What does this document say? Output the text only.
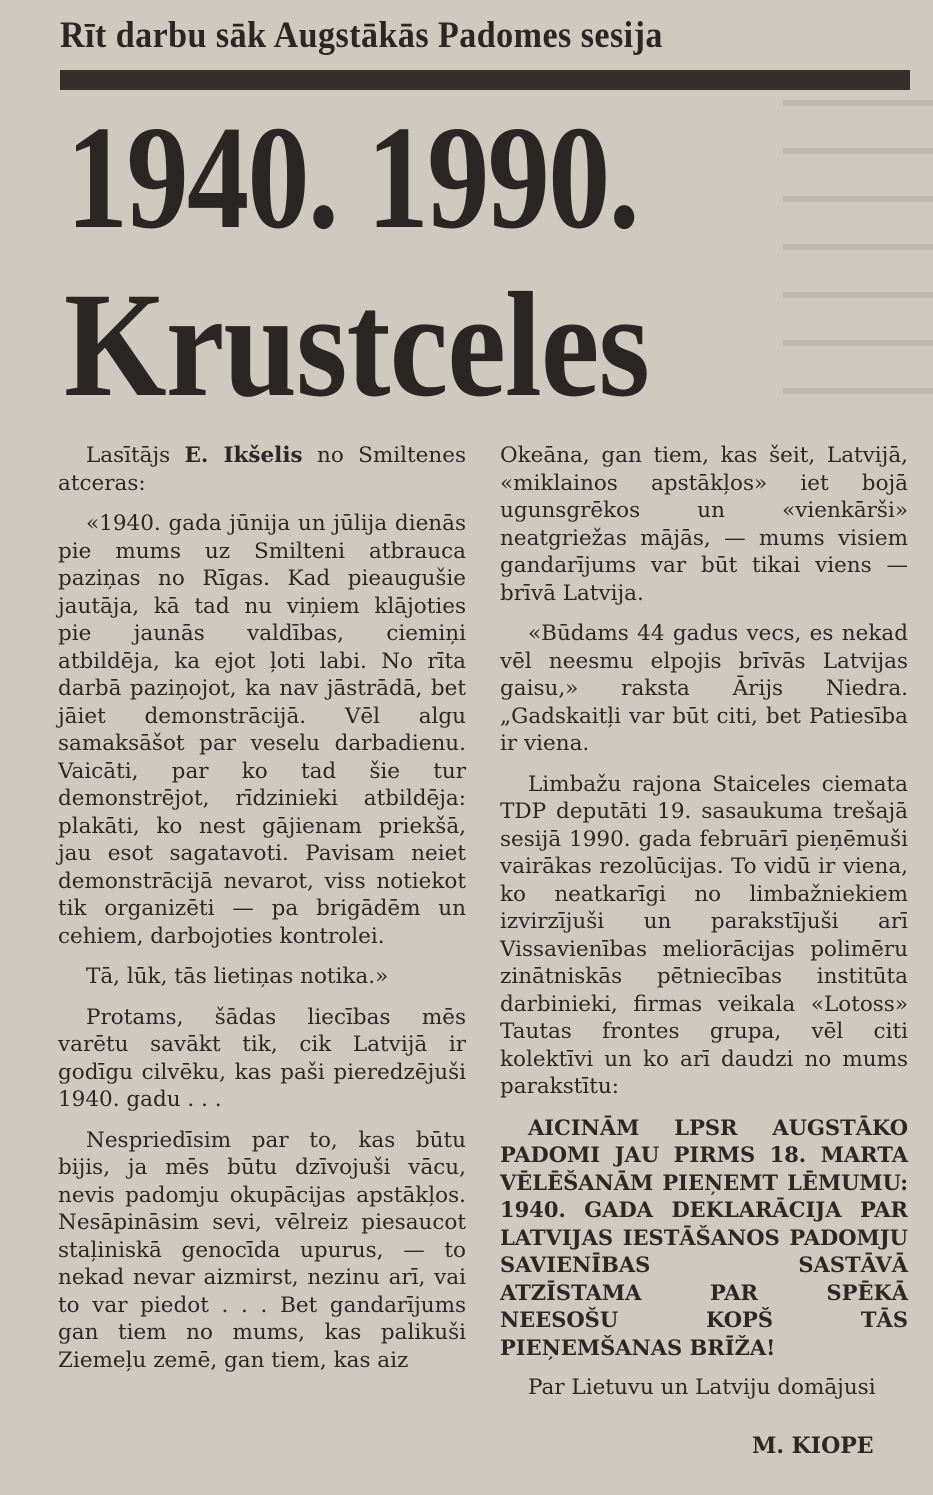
Rīt darbu sāk Augstākās Padomes sesija
1940. 1990.
Krustceles

Lasītājs E. Ikšelis no Smiltenes atceras:

«1940. gada jūnija un jūlija dienās pie mums uz Smilteni atbrauca paziņas no Rīgas. Kad pieaugušie jautāja, kā tad nu viņiem klājoties pie jaunās valdības, ciemiņi atbildēja, ka ejot ļoti labi. No rīta darbā paziņojot, ka nav jāstrādā, bet jāiet demonstrācijā. Vēl algu samaksāšot par veselu darbadienu. Vaicāti, par ko tad šie tur demonstrējot, rīdzinieki atbildēja: plakāti, ko nest gājienam priekšā, jau esot sagatavoti. Pavisam neiet demonstrācijā nevarot, viss notiekot tik organizēti — pa brigādēm un cehiem, darbojoties kontrolei.

Tā, lūk, tās lietiņas notika.»

Protams, šādas liecības mēs varētu savākt tik, cik Latvijā ir godīgu cilvēku, kas paši pieredzējuši 1940. gadu . . .

Nespriedīsim par to, kas būtu bijis, ja mēs būtu dzīvojuši vācu, nevis padomju okupācijas apstākļos. Nesāpināsim sevi, vēlreiz piesaucot staļiniskā genocīda upurus, — to nekad nevar aizmirst, nezinu arī, vai to var piedot . . . Bet gandarījums gan tiem no mums, kas palikuši Ziemeļu zemē, gan tiem, kas aiz

Okeāna, gan tiem, kas šeit, Latvijā, «miklainos apstākļos» iet bojā ugunsgrēkos un «vienkārši» neatgriežas mājās, — mums visiem gandarījums var būt tikai viens — brīvā Latvija.

«Būdams 44 gadus vecs, es nekad vēl neesmu elpojis brīvās Latvijas gaisu,» raksta Ārijs Niedra. „Gadskaitļi var būt citi, bet Patiesība ir viena.

Limbažu rajona Staiceles ciemata TDP deputāti 19. sasaukuma trešajā sesijā 1990. gada februārī pieņēmuši vairākas rezolūcijas. To vidū ir viena, ko neatkarīgi no limbažniekiem izvirzījuši un parakstījuši arī Vissavienības meliorācijas polimēru zinātniskās pētniecības institūta darbinieki, firmas veikala «Lotoss» Tautas frontes grupa, vēl citi kolektīvi un ko arī daudzi no mums parakstītu:

AICINĀM LPSR AUGSTĀKO PADOMI JAU PIRMS 18. MARTA VĒLĒŠANĀM PIEŅEMT LĒMUMU: 1940. GADA DEKLARĀCIJA PAR LATVIJAS IESTĀŠANOS PADOMJU SAVIENĪBAS SASTĀVĀ ATZĪSTAMA PAR SPĒKĀ NEESOŠU KOPŠ TĀS PIEŅEMŠANAS BRĪŽA!

Par Lietuvu un Latviju domājusi

M. KIOPE
